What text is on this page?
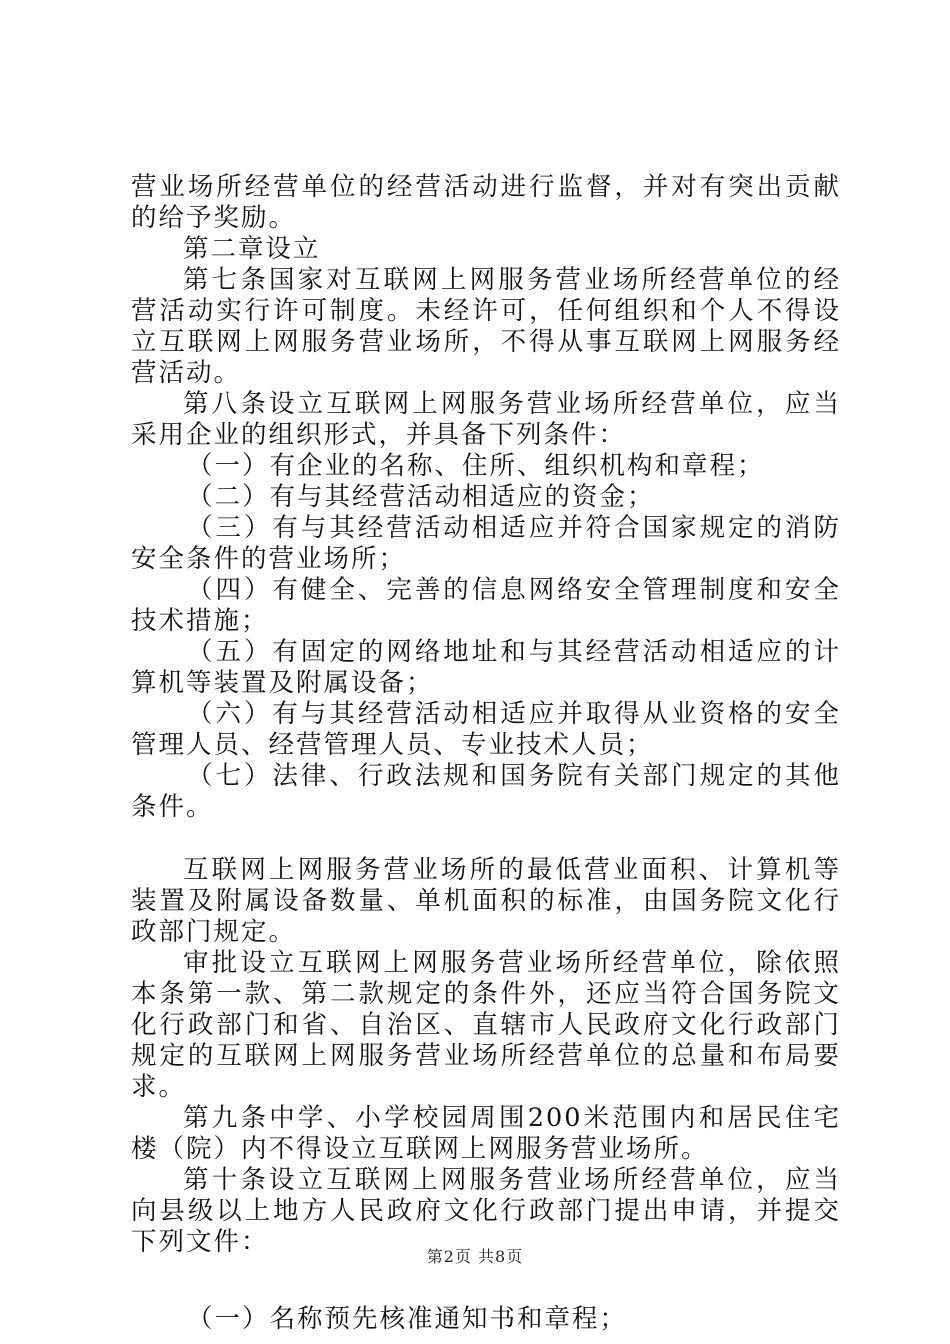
营业场所经营单位的经营活动进行监督，并对有突出贡献的给予奖励。

第二章设立

第七条国家对互联网上网服务营业场所经营单位的经营活动实行许可制度。未经许可，任何组织和个人不得设立互联网上网服务营业场所，不得从事互联网上网服务经营活动。

第八条设立互联网上网服务营业场所经营单位，应当采用企业的组织形式，并具备下列条件：

（一）有企业的名称、住所、组织机构和章程；

（二）有与其经营活动相适应的资金；

（三）有与其经营活动相适应并符合国家规定的消防安全条件的营业场所；

（四）有健全、完善的信息网络安全管理制度和安全技术措施；

（五）有固定的网络地址和与其经营活动相适应的计算机等装置及附属设备；

（六）有与其经营活动相适应并取得从业资格的安全管理人员、经营管理人员、专业技术人员；

（七）法律、行政法规和国务院有关部门规定的其他条件。

互联网上网服务营业场所的最低营业面积、计算机等装置及附属设备数量、单机面积的标准，由国务院文化行政部门规定。

审批设立互联网上网服务营业场所经营单位，除依照本条第一款、第二款规定的条件外，还应当符合国务院文化行政部门和省、自治区、直辖市人民政府文化行政部门规定的互联网上网服务营业场所经营单位的总量和布局要求。

第九条中学、小学校园周围200米范围内和居民住宅楼（院）内不得设立互联网上网服务营业场所。

第十条设立互联网上网服务营业场所经营单位，应当向县级以上地方人民政府文化行政部门提出申请，并提交下列文件：

（一）名称预先核准通知书和章程；

第2页 共8页
